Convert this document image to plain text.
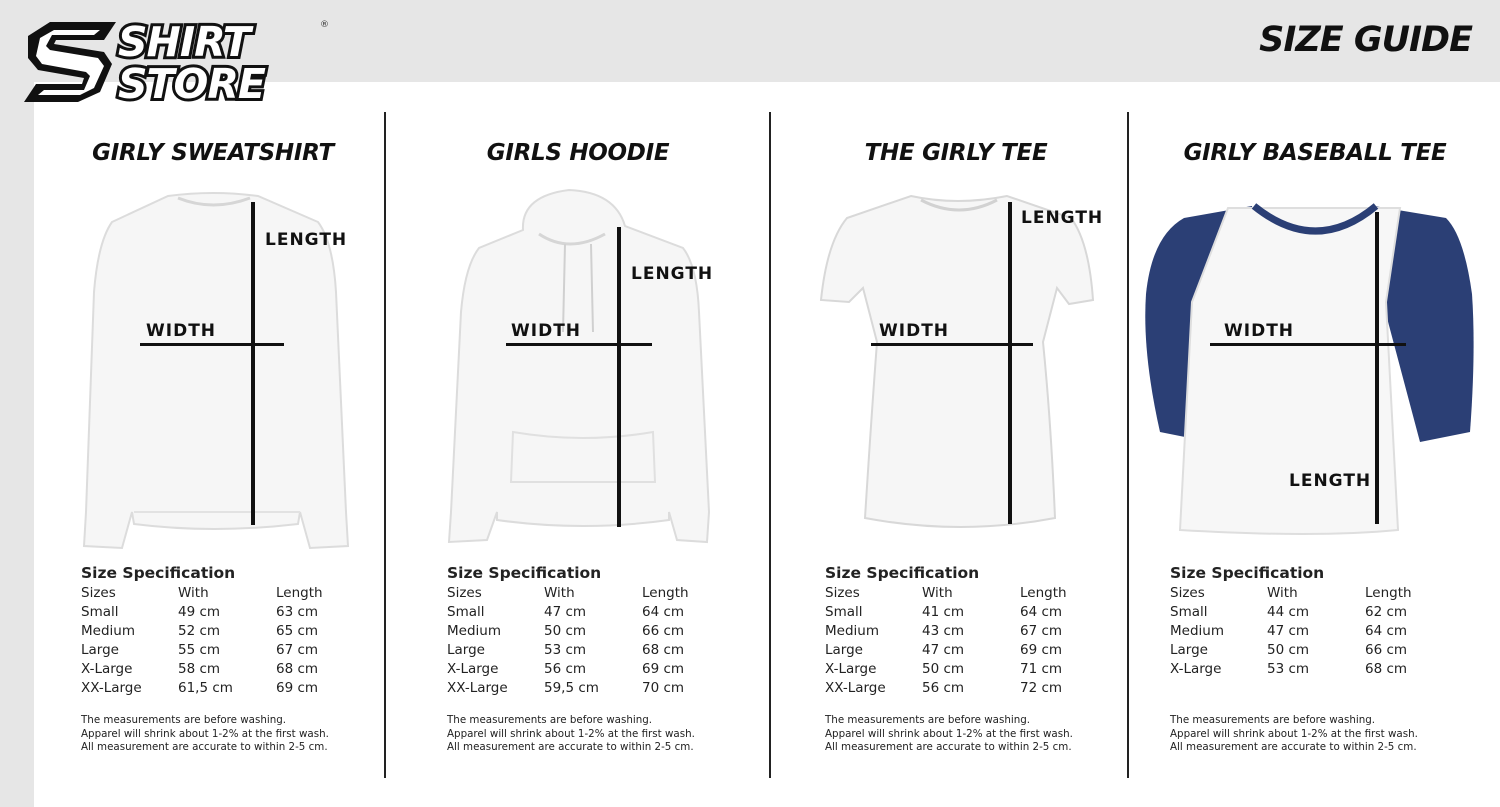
SHIRT
STORE
®	SIZE GUIDE
GIRLY SWEATSHIRT
LENGTH
WIDTH
GIRLS HOODIE
LENGTH
WIDTH
THE GIRLY TEE
LENGTH
WIDTH
GIRLY BASEBALL TEE
LENGTH
WIDTH
Size Specification
Sizes	With	Length
Small	49 cm	63 cm
Medium	52 cm	65 cm
Large	55 cm	67 cm
X-Large	58 cm	68 cm
XX-Large	61,5 cm	69 cm
The measurements are before washing.
Apparel will shrink about 1-2% at the first wash.
All measurement are accurate to within 2-5 cm.
Size Specification
Sizes	With	Length
Small	47 cm	64 cm
Medium	50 cm	66 cm
Large	53 cm	68 cm
X-Large	56 cm	69 cm
XX-Large	59,5 cm	70 cm
The measurements are before washing.
Apparel will shrink about 1-2% at the first wash.
All measurement are accurate to within 2-5 cm.
Size Specification
Sizes	With	Length
Small	41 cm	64 cm
Medium	43 cm	67 cm
Large	47 cm	69 cm
X-Large	50 cm	71 cm
XX-Large	56 cm	72 cm
The measurements are before washing.
Apparel will shrink about 1-2% at the first wash.
All measurement are accurate to within 2-5 cm.
Size Specification
Sizes	With	Length
Small	44 cm	62 cm
Medium	47 cm	64 cm
Large	50 cm	66 cm
X-Large	53 cm	68 cm
The measurements are before washing.
Apparel will shrink about 1-2% at the first wash.
All measurement are accurate to within 2-5 cm.
